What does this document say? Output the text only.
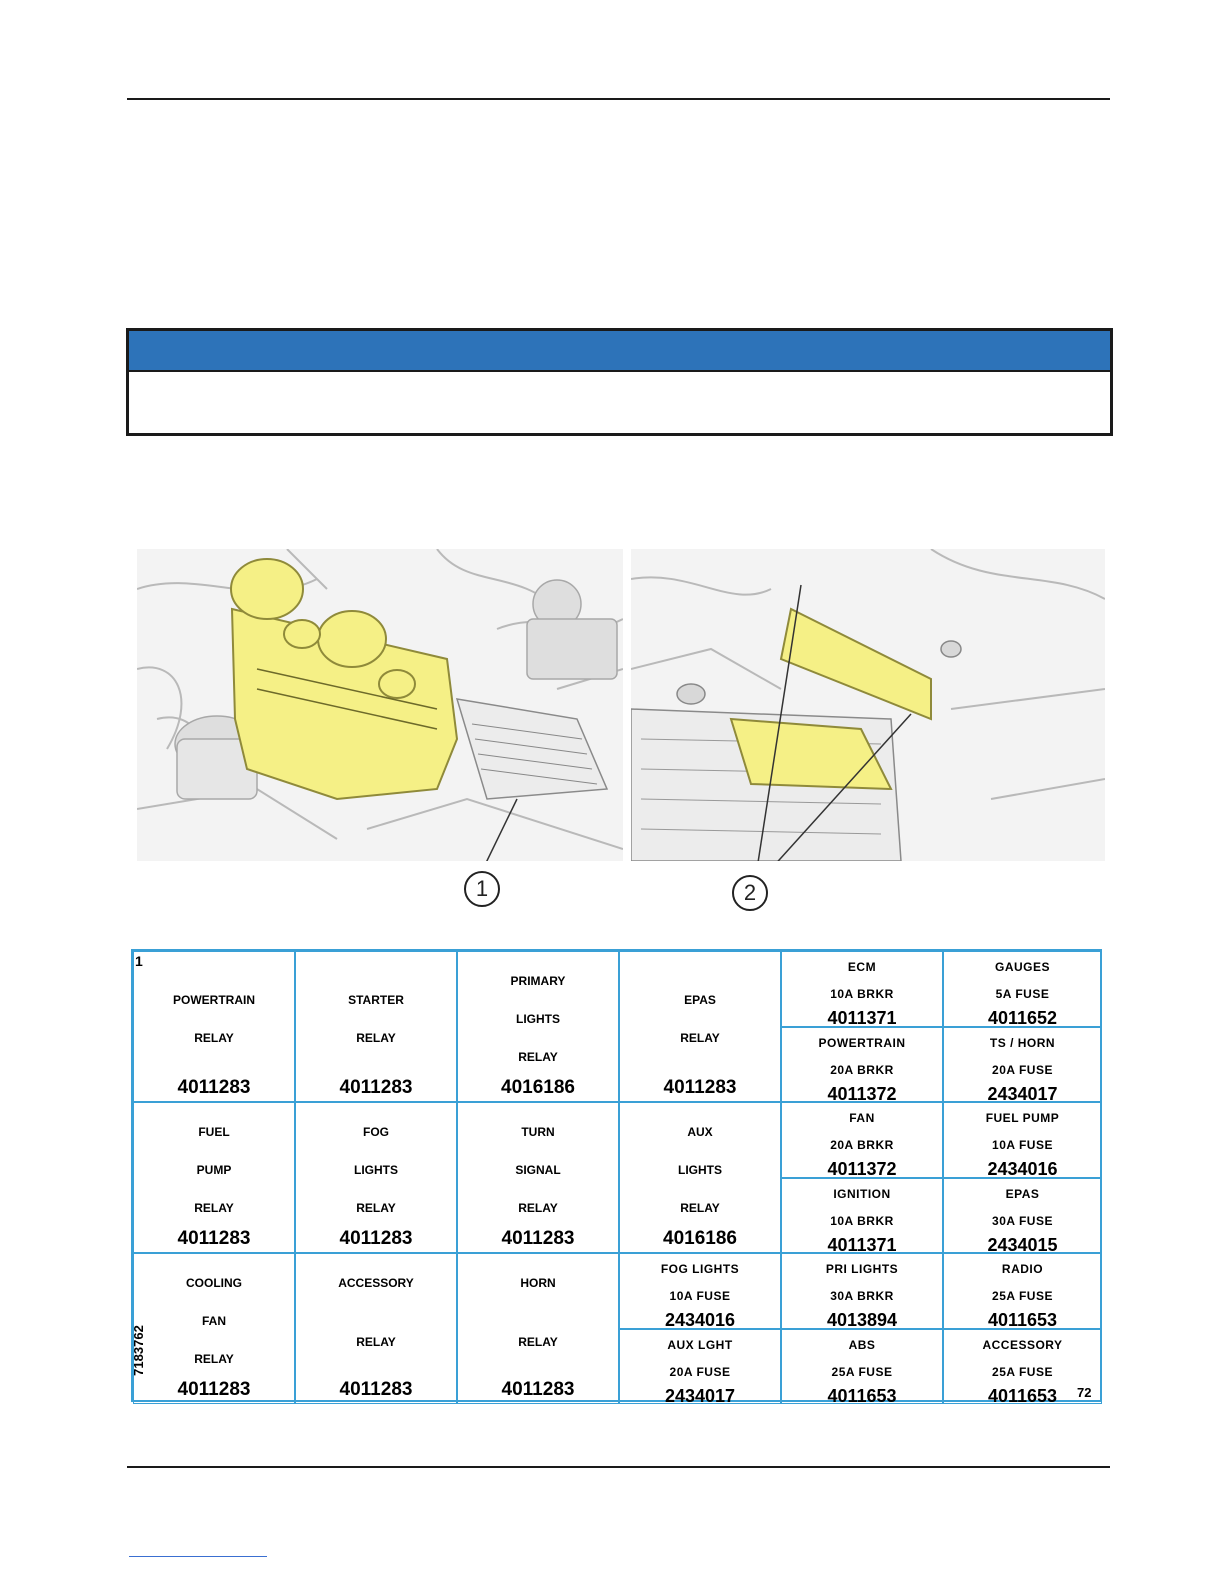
1	2
1
7183762
72
POWERTRAIN
RELAY
4011283
STARTER
RELAY
4011283
PRIMARY
LIGHTS
RELAY
4016186
EPAS
RELAY
4011283
FUEL
PUMP
RELAY
4011283
FOG
LIGHTS
RELAY
4011283
TURN
SIGNAL
RELAY
4011283
AUX
LIGHTS
RELAY
4016186
COOLING
FAN
RELAY
4011283
ACCESSORY
RELAY
4011283
HORN
RELAY
4011283
ECM
10A BRKR
4011371
GAUGES
5A FUSE
4011652
POWERTRAIN
20A BRKR
4011372
TS / HORN
20A FUSE
2434017
FAN
20A BRKR
4011372
FUEL PUMP
10A FUSE
2434016
IGNITION
10A BRKR
4011371
EPAS
30A FUSE
2434015
FOG LIGHTS
10A FUSE
2434016
PRI LIGHTS
30A BRKR
4013894
RADIO
25A FUSE
4011653
AUX LGHT
20A FUSE
2434017
ABS
25A FUSE
4011653
ACCESSORY
25A FUSE
4011653
